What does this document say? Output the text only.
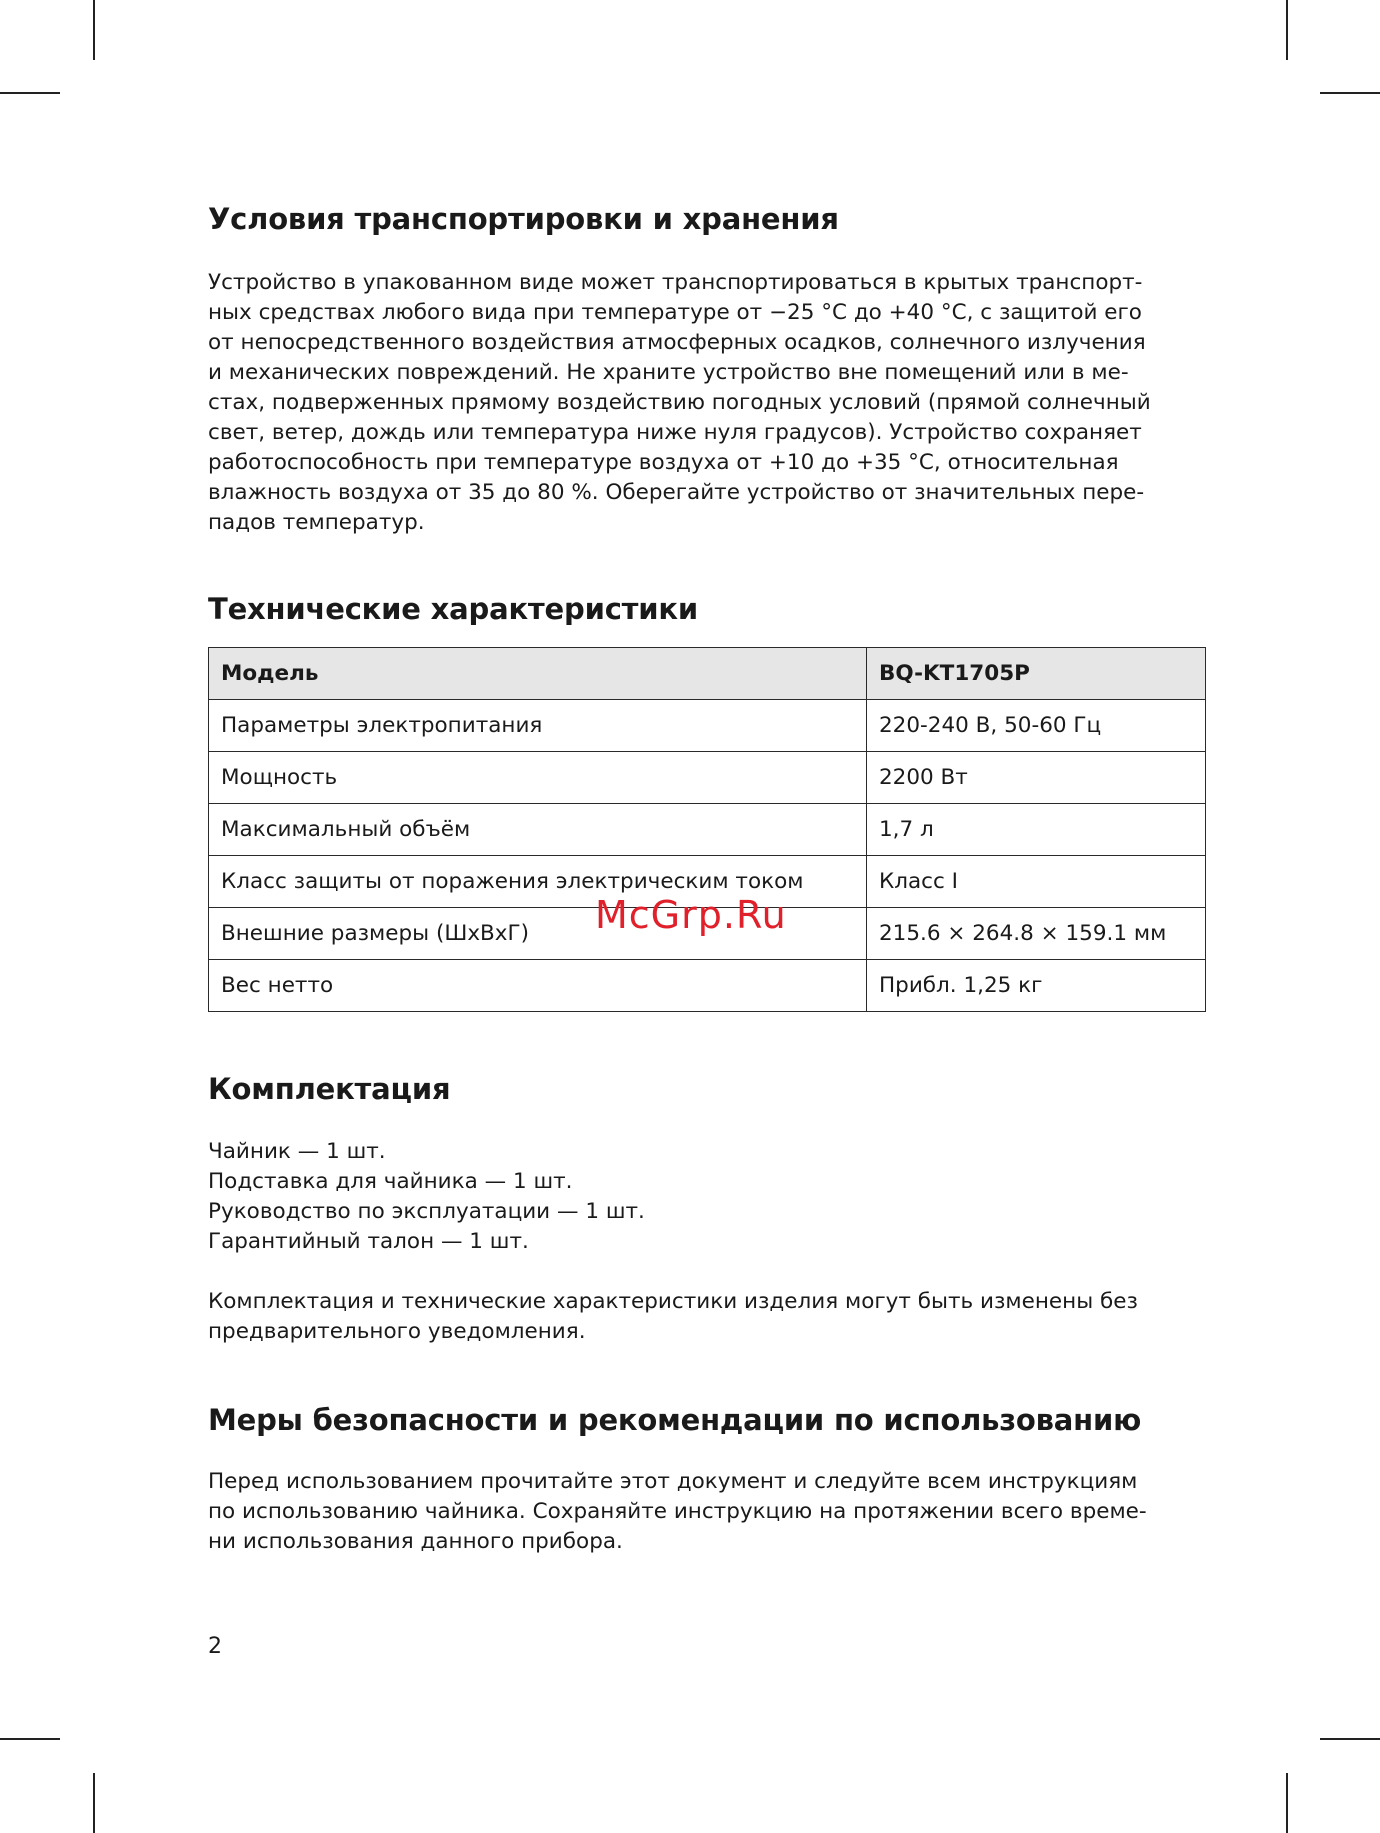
Условия транспортировки и хранения
Устройство в упакованном виде может транспортироваться в крытых транспорт-
ных средствах любого вида при температуре от −25 °C до +40 °C, с защитой его
от непосредственного воздействия атмосферных осадков, солнечного излучения
и механических повреждений. Не храните устройство вне помещений или в ме-
стах, подверженных прямому воздействию погодных условий (прямой солнечный
свет, ветер, дождь или температура ниже нуля градусов). Устройство сохраняет
работоспособность при температуре воздуха от +10 до +35 °C, относительная
влажность воздуха от 35 до 80 %. Оберегайте устройство от значительных пере-
падов температур.
Технические характеристики
Модель	BQ-KT1705P
Параметры электропитания	220-240 В, 50-60 Гц
Мощность	2200 Вт
Максимальный объём	1,7 л
Класс защиты от поражения электрическим током	Класс I
Внешние размеры (ШхВхГ)	215.6 × 264.8 × 159.1 мм
Вес нетто	Прибл. 1,25 кг
Комплектация
Чайник — 1 шт.
Подставка для чайника — 1 шт.
Руководство по эксплуатации — 1 шт.
Гарантийный талон — 1 шт.
Комплектация и технические характеристики изделия могут быть изменены без
предварительного уведомления.
Меры безопасности и рекомендации по использованию
Перед использованием прочитайте этот документ и следуйте всем инструкциям
по использованию чайника. Сохраняйте инструкцию на протяжении всего време-
ни использования данного прибора.
McGrp.Ru
2
